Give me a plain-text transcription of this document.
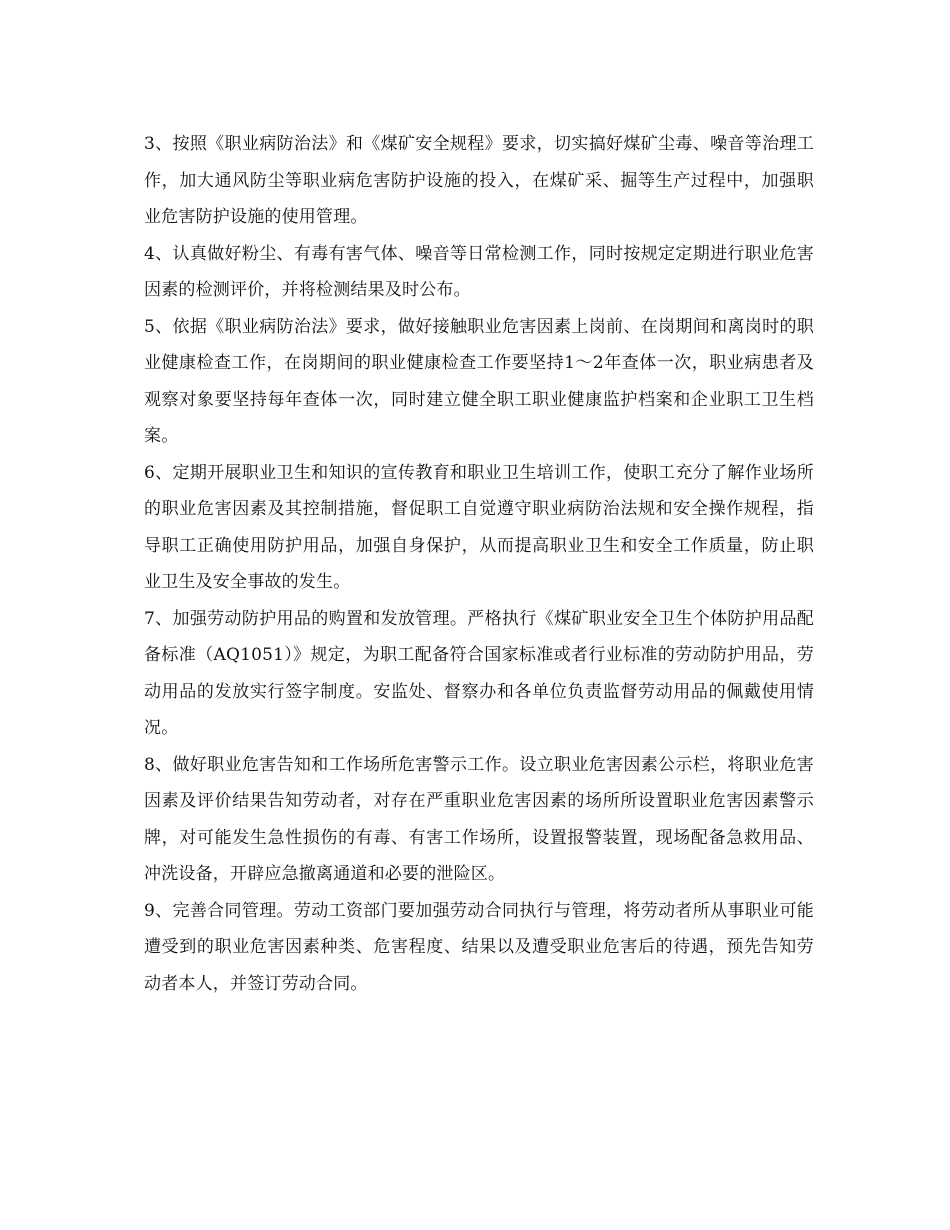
3、按照《职业病防治法》和《煤矿安全规程》要求，切实搞好煤矿尘毒、噪音等治理工作，加大通风防尘等职业病危害防护设施的投入，在煤矿采、掘等生产过程中，加强职业危害防护设施的使用管理。

4、认真做好粉尘、有毒有害气体、噪音等日常检测工作，同时按规定定期进行职业危害因素的检测评价，并将检测结果及时公布。

5、依据《职业病防治法》要求，做好接触职业危害因素上岗前、在岗期间和离岗时的职业健康检查工作，在岗期间的职业健康检查工作要坚持1～2年查体一次，职业病患者及观察对象要坚持每年查体一次，同时建立健全职工职业健康监护档案和企业职工卫生档案。

6、定期开展职业卫生和知识的宣传教育和职业卫生培训工作，使职工充分了解作业场所的职业危害因素及其控制措施，督促职工自觉遵守职业病防治法规和安全操作规程，指导职工正确使用防护用品，加强自身保护，从而提高职业卫生和安全工作质量，防止职业卫生及安全事故的发生。

7、加强劳动防护用品的购置和发放管理。严格执行《煤矿职业安全卫生个体防护用品配备标准（AQ1051）》规定，为职工配备符合国家标准或者行业标准的劳动防护用品，劳动用品的发放实行签字制度。安监处、督察办和各单位负责监督劳动用品的佩戴使用情况。

8、做好职业危害告知和工作场所危害警示工作。设立职业危害因素公示栏，将职业危害因素及评价结果告知劳动者，对存在严重职业危害因素的场所所设置职业危害因素警示牌，对可能发生急性损伤的有毒、有害工作场所，设置报警装置，现场配备急救用品、冲洗设备，开辟应急撤离通道和必要的泄险区。

9、完善合同管理。劳动工资部门要加强劳动合同执行与管理，将劳动者所从事职业可能遭受到的职业危害因素种类、危害程度、结果以及遭受职业危害后的待遇，预先告知劳动者本人，并签订劳动合同。
